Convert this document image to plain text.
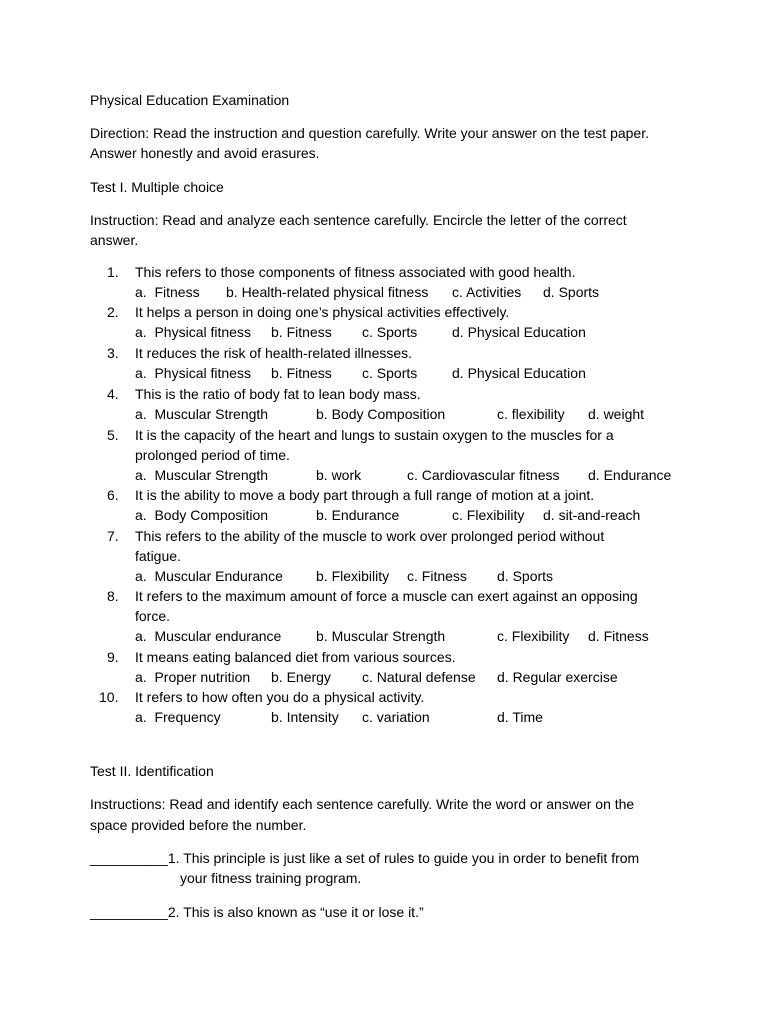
Physical Education Examination
Direction: Read the instruction and question carefully. Write your answer on the test paper.
Answer honestly and avoid erasures.
Test I. Multiple choice
Instruction: Read and analyze each sentence carefully. Encircle the letter of the correct
answer.
1.	This refers to those components of fitness associated with good health.
a.  Fitness b. Health-related physical fitness c. Activities d. Sports
2.	It helps a person in doing one’s physical activities effectively.
a.  Physical fitness b. Fitness c. Sports d. Physical Education
3.	It reduces the risk of health-related illnesses.
a.  Physical fitness b. Fitness c. Sports d. Physical Education
4.	This is the ratio of body fat to lean body mass.
a.  Muscular Strength	b. Body Composition	c. flexibility d. weight
5.	It is the capacity of the heart and lungs to sustain oxygen to the muscles for a
prolonged period of time.
a.  Muscular Strength	b. work	c. Cardiovascular fitness d. Endurance
6.	It is the ability to move a body part through a full range of motion at a joint.
a.  Body Composition	b. Endurance	c. Flexibility d. sit-and-reach
7.	This refers to the ability of the muscle to work over prolonged period without
fatigue.
a.  Muscular Endurance b. Flexibility c. Fitness d. Sports
8.	It refers to the maximum amount of force a muscle can exert against an opposing
force.
a.  Muscular endurance b. Muscular Strength	c. Flexibility d. Fitness
9.	It means eating balanced diet from various sources.
a.  Proper nutrition b. Energy c. Natural defense d. Regular exercise
10.	It refers to how often you do a physical activity.
a.  Frequency	b. Intensity c. variation	d. Time
Test II. Identification
Instructions: Read and identify each sentence carefully. Write the word or answer on the
space provided before the number.
__________1. This principle is just like a set of rules to guide you in order to benefit from
your fitness training program.
__________2. This is also known as “use it or lose it.”
